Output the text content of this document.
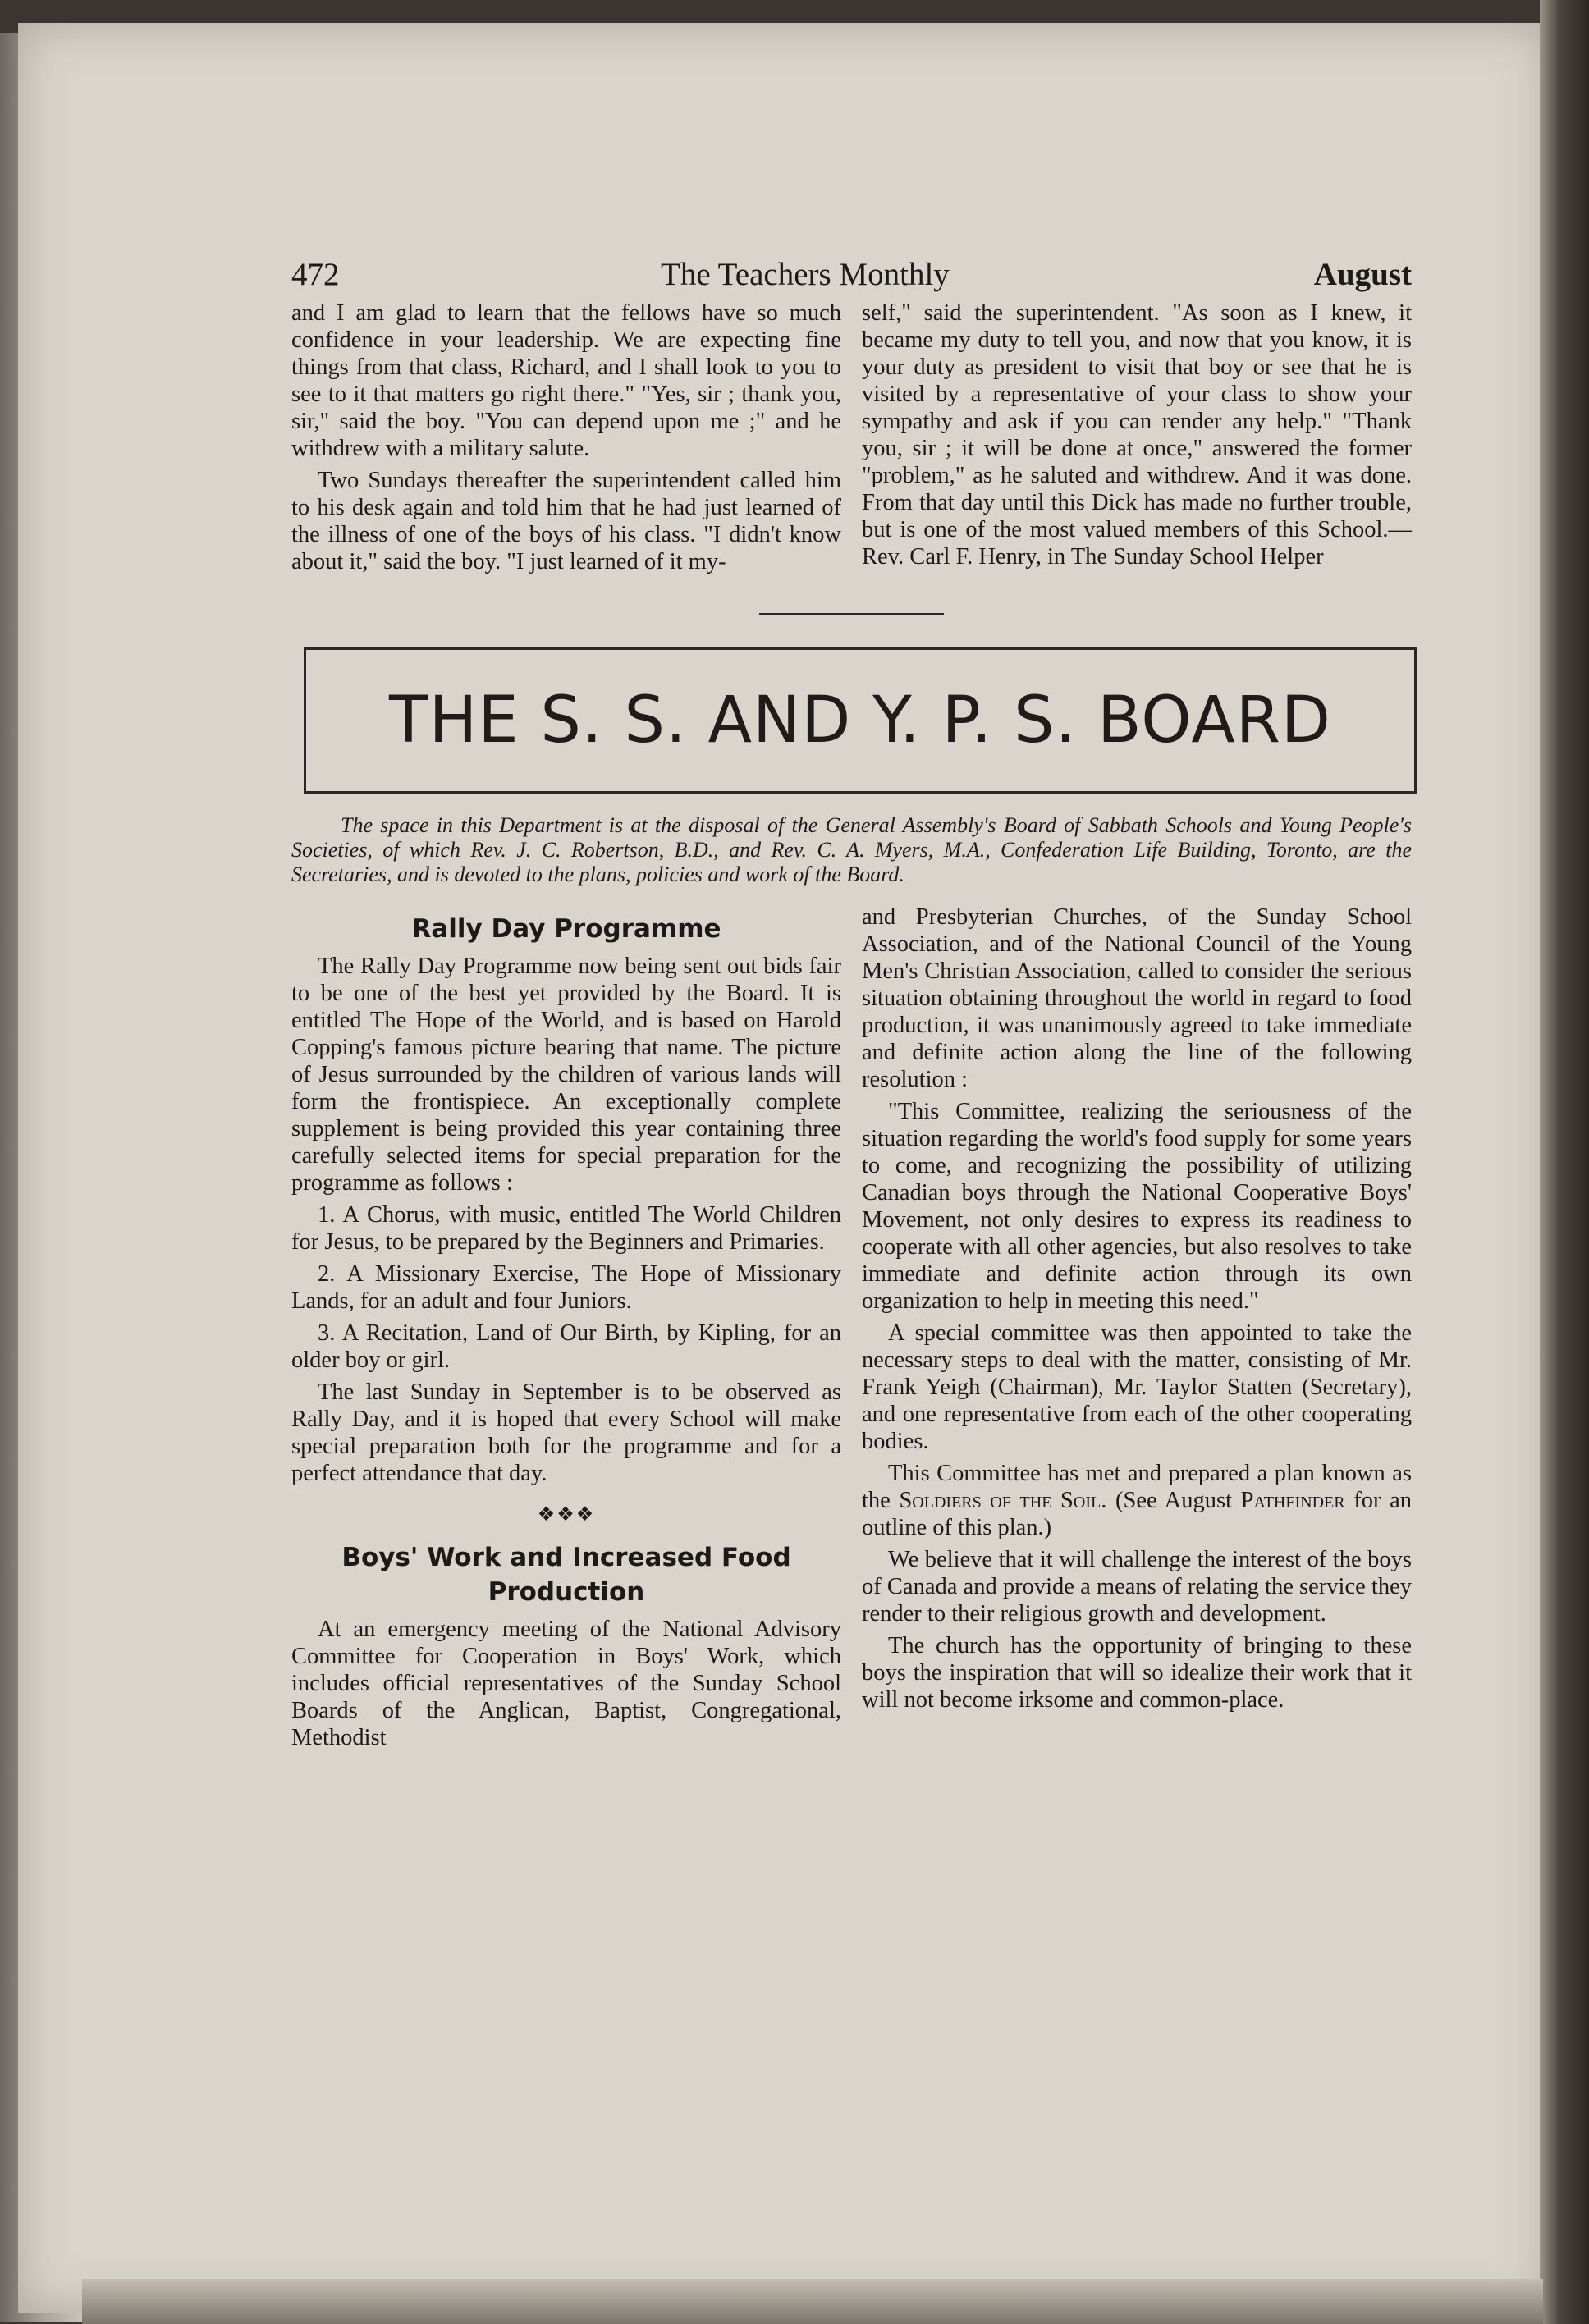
472	The Teachers Monthly	August

and I am glad to learn that the fellows have so much confidence in your leadership. We are expecting fine things from that class, Richard, and I shall look to you to see to it that matters go right there." "Yes, sir ; thank you, sir," said the boy. "You can depend upon me ;" and he withdrew with a military salute.

Two Sundays thereafter the superintendent called him to his desk again and told him that he had just learned of the illness of one of the boys of his class. "I didn't know about it," said the boy. "I just learned of it my-

self," said the superintendent. "As soon as I knew, it became my duty to tell you, and now that you know, it is your duty as president to visit that boy or see that he is visited by a representative of your class to show your sympathy and ask if you can render any help." "Thank you, sir ; it will be done at once," answered the former "problem," as he saluted and withdrew. And it was done. From that day until this Dick has made no further trouble, but is one of the most valued members of this School.—Rev. Carl F. Henry, in The Sunday School Helper

THE S. S. AND Y. P. S. BOARD
The space in this Department is at the disposal of the General Assembly's Board of Sabbath Schools and Young People's Societies, of which Rev. J. C. Robertson, B.D., and Rev. C. A. Myers, M.A., Confederation Life Building, Toronto, are the Secretaries, and is devoted to the plans, policies and work of the Board.
Rally Day Programme

The Rally Day Programme now being sent out bids fair to be one of the best yet provided by the Board. It is entitled The Hope of the World, and is based on Harold Copping's famous picture bearing that name. The picture of Jesus surrounded by the children of various lands will form the frontispiece. An exceptionally complete supplement is being provided this year containing three carefully selected items for special preparation for the programme as follows :

1. A Chorus, with music, entitled The World Children for Jesus, to be prepared by the Beginners and Primaries.

2. A Missionary Exercise, The Hope of Missionary Lands, for an adult and four Juniors.

3. A Recitation, Land of Our Birth, by Kipling, for an older boy or girl.

The last Sunday in September is to be observed as Rally Day, and it is hoped that every School will make special preparation both for the programme and for a perfect attendance that day.

❖❖❖
Boys' Work and Increased Food Production

At an emergency meeting of the National Advisory Committee for Cooperation in Boys' Work, which includes official representatives of the Sunday School Boards of the Anglican, Baptist, Congregational, Methodist

and Presbyterian Churches, of the Sunday School Association, and of the National Council of the Young Men's Christian Association, called to consider the serious situation obtaining throughout the world in regard to food production, it was unanimously agreed to take immediate and definite action along the line of the following resolution :

"This Committee, realizing the seriousness of the situation regarding the world's food supply for some years to come, and recognizing the possibility of utilizing Canadian boys through the National Cooperative Boys' Movement, not only desires to express its readiness to cooperate with all other agencies, but also resolves to take immediate and definite action through its own organization to help in meeting this need."

A special committee was then appointed to take the necessary steps to deal with the matter, consisting of Mr. Frank Yeigh (Chairman), Mr. Taylor Statten (Secretary), and one representative from each of the other cooperating bodies.

This Committee has met and prepared a plan known as the Soldiers of the Soil. (See August Pathfinder for an outline of this plan.)

We believe that it will challenge the interest of the boys of Canada and provide a means of relating the service they render to their religious growth and development.

The church has the opportunity of bringing to these boys the inspiration that will so idealize their work that it will not become irksome and common-place.
